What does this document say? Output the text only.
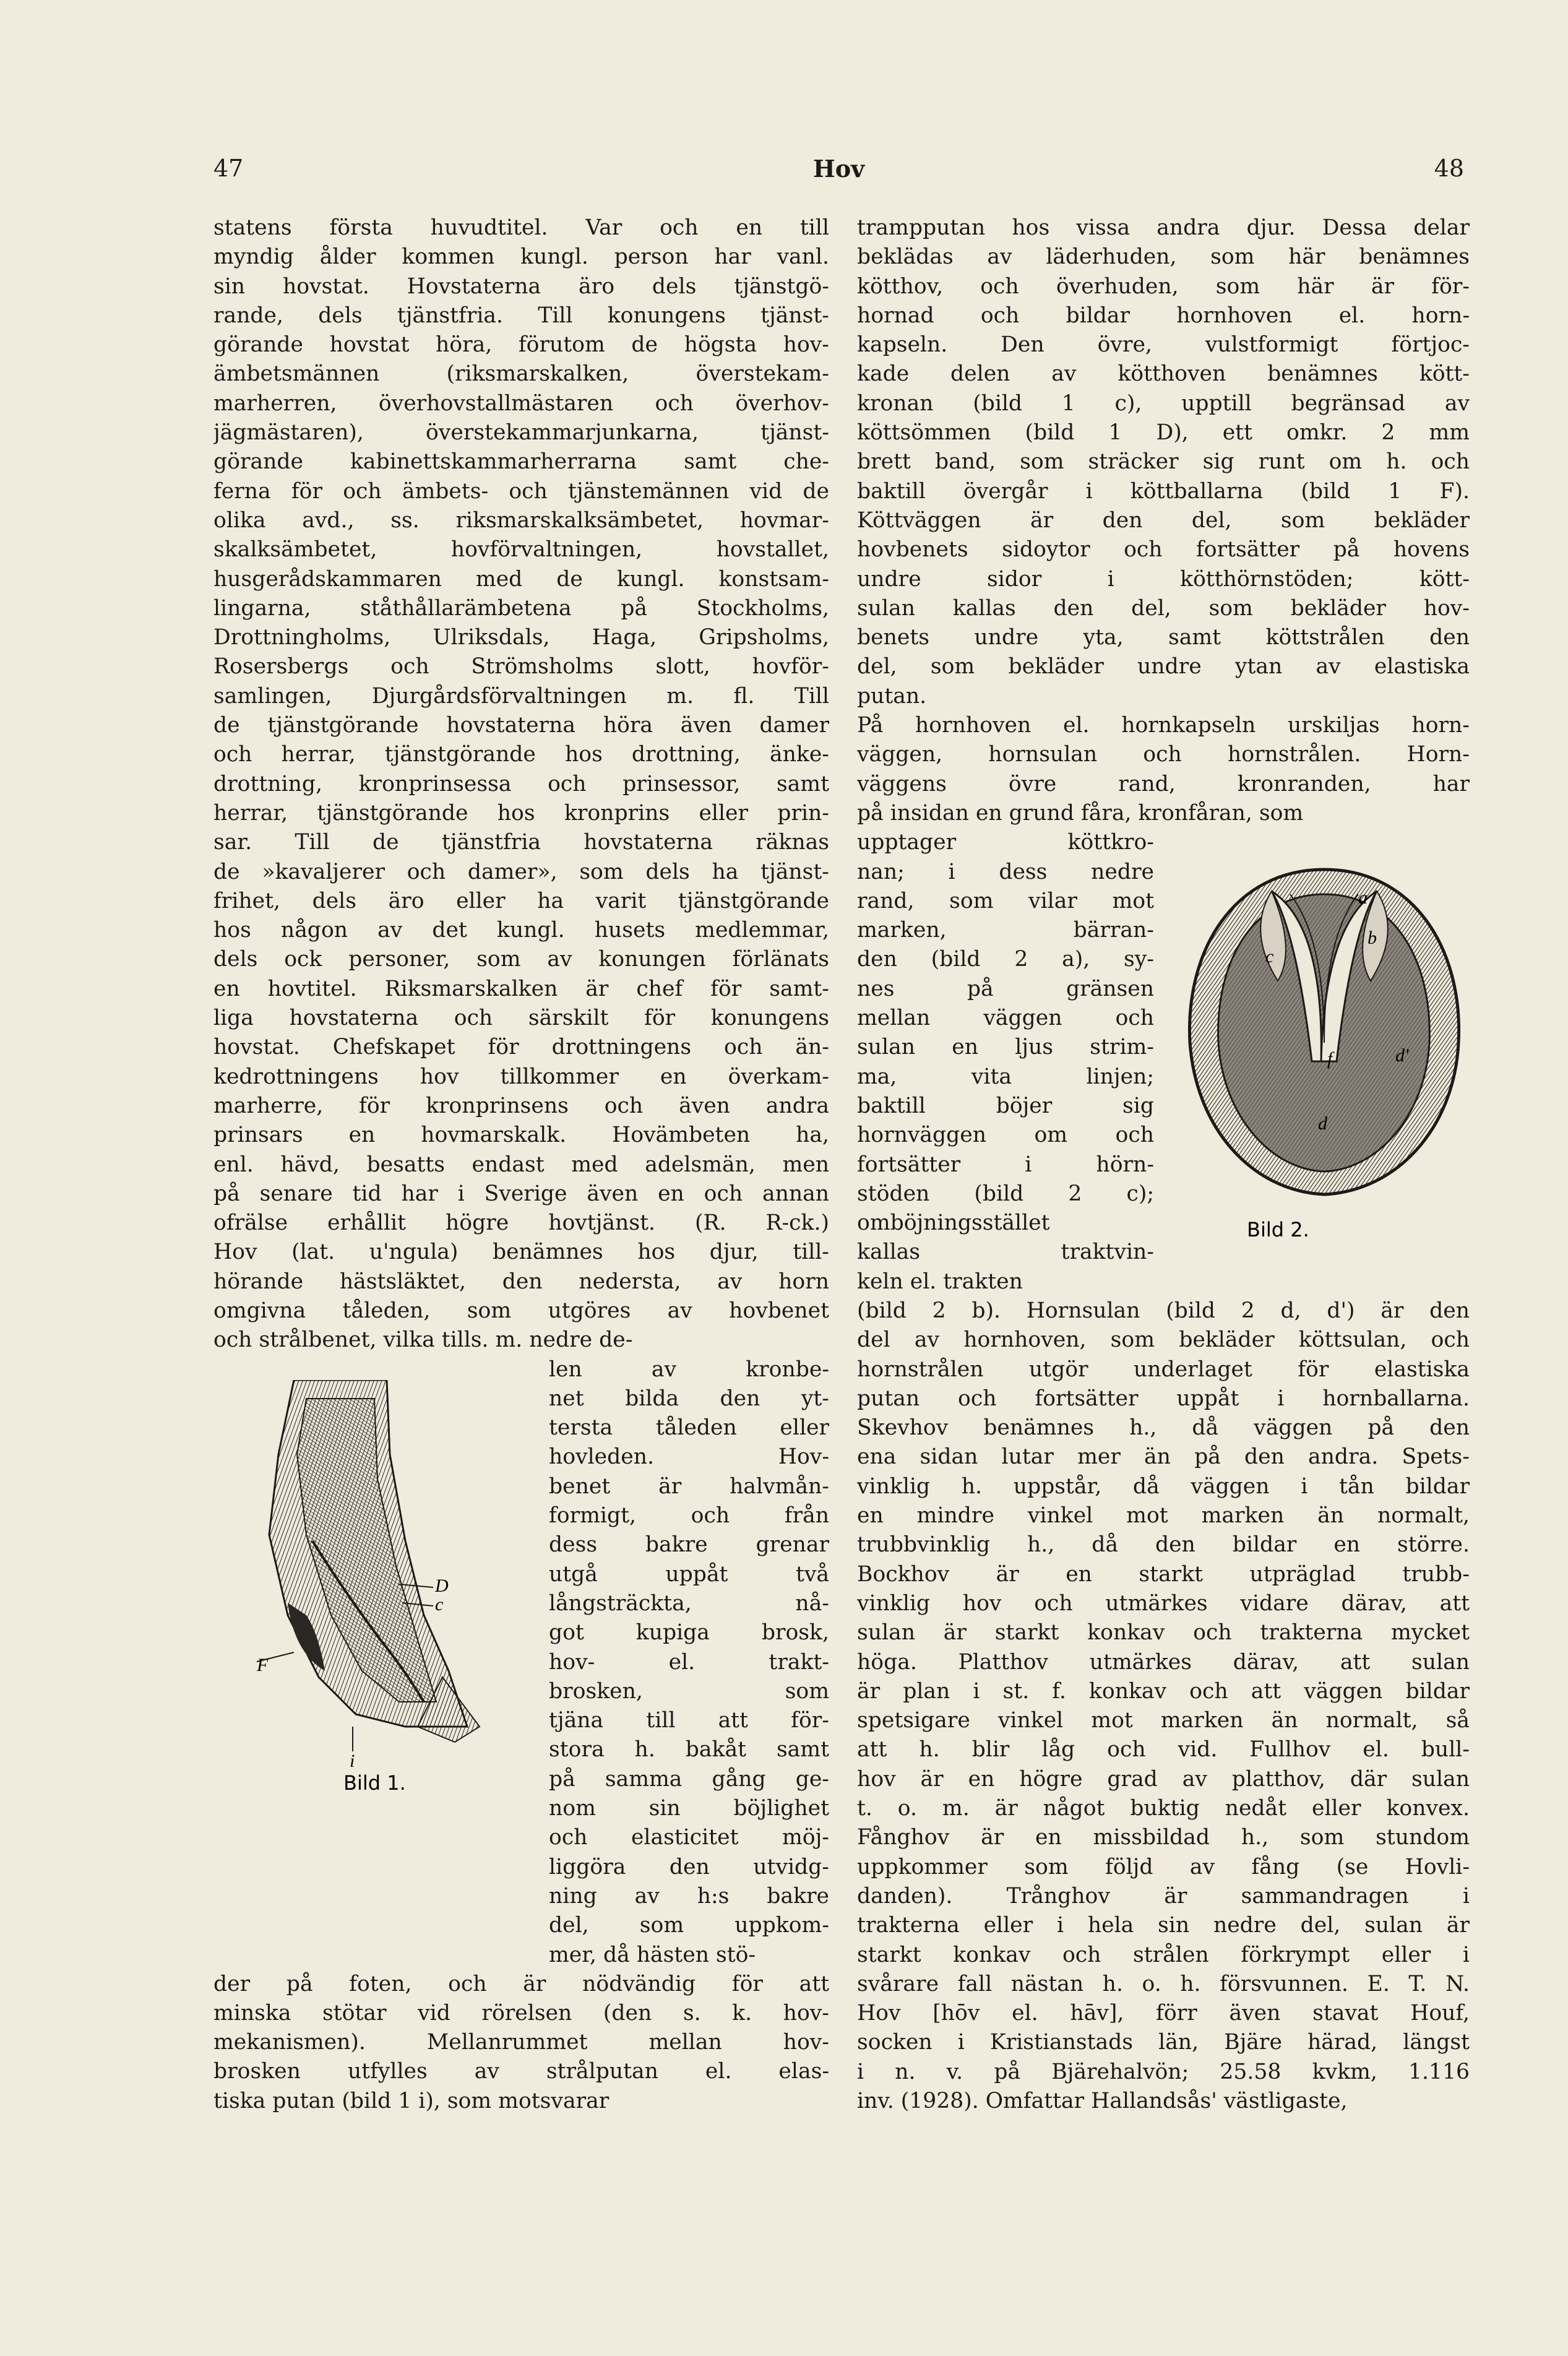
47	Hov	48
statens första huvudtitel. Var och en till
myndig ålder kommen kungl. person har vanl.
sin hovstat. Hovstaterna äro dels tjänstgö-
rande, dels tjänstfria. Till konungens tjänst-
görande hovstat höra, förutom de högsta hov-
ämbetsmännen (riksmarskalken, överstekam-
marherren, överhovstallmästaren och överhov-
jägmästaren), överstekammarjunkarna, tjänst-
görande kabinettskammarherrarna samt che-
ferna för och ämbets- och tjänstemännen vid de
olika avd., ss. riksmarskalksämbetet, hovmar-
skalksämbetet, hovförvaltningen, hovstallet,
husgerådskammaren med de kungl. konstsam-
lingarna, ståthållarämbetena på Stockholms,
Drottningholms, Ulriksdals, Haga, Gripsholms,
Rosersbergs och Strömsholms slott, hovför-
samlingen, Djurgårdsförvaltningen m. fl. Till
de tjänstgörande hovstaterna höra även damer
och herrar, tjänstgörande hos drottning, änke-
drottning, kronprinsessa och prinsessor, samt
herrar, tjänstgörande hos kronprins eller prin-
sar. Till de tjänstfria hovstaterna räknas
de »kavaljerer och damer», som dels ha tjänst-
frihet, dels äro eller ha varit tjänstgörande
hos någon av det kungl. husets medlemmar,
dels ock personer, som av konungen förlänats
en hovtitel. Riksmarskalken är chef för samt-
liga hovstaterna och särskilt för konungens
hovstat. Chefskapet för drottningens och än-
kedrottningens hov tillkommer en överkam-
marherre, för kronprinsens och även andra
prinsars en hovmarskalk. Hovämbeten ha,
enl. hävd, besatts endast med adelsmän, men
på senare tid har i Sverige även en och annan
ofrälse erhållit högre hovtjänst. (R. R-ck.)
Hov (lat. u'ngula) benämnes hos djur, till-
hörande hästsläktet, den nedersta, av horn
omgivna tåleden, som utgöres av hovbenet
och strålbenet, vilka tills. m. nedre de-
len av kronbe-
net bilda den yt-
tersta tåleden eller
hovleden. Hov-
benet är halvmån-
formigt, och från
dess bakre grenar
utgå uppåt två
långsträckta, nå-
got kupiga brosk,
hov- el. trakt-
brosken, som
tjäna till att för-
stora h. bakåt samt
på samma gång ge-
nom sin böjlighet
och elasticitet möj-
liggöra den utvidg-
ning av h:s bakre
del, som uppkom-
mer, då hästen stö-
der på foten, och är nödvändig för att
minska stötar vid rörelsen (den s. k. hov-
mekanismen). Mellanrummet mellan hov-
brosken utfylles av strålputan el. elas-
tiska putan (bild 1 i), som motsvarar
D
c
F
i
Bild 1.
trampputan hos vissa andra djur. Dessa delar
beklädas av läderhuden, som här benämnes
kötthov, och överhuden, som här är för-
hornad och bildar hornhoven el. horn-
kapseln. Den övre, vulstformigt förtjoc-
kade delen av kötthoven benämnes kött-
kronan (bild 1 c), upptill begränsad av
köttsömmen (bild 1 D), ett omkr. 2 mm
brett band, som sträcker sig runt om h. och
baktill övergår i köttballarna (bild 1 F).
Köttväggen är den del, som bekläder
hovbenets sidoytor och fortsätter på hovens
undre sidor i kötthörnstöden; kött-
sulan kallas den del, som bekläder hov-
benets undre yta, samt köttstrålen den
del, som bekläder undre ytan av elastiska
putan.
På hornhoven el. hornkapseln urskiljas horn-
väggen, hornsulan och hornstrålen. Horn-
väggens övre rand, kronranden, har
på insidan en grund fåra, kronfåran, som
upptager köttkro-
nan; i dess nedre
rand, som vilar mot
marken, bärran-
den (bild 2 a), sy-
nes på gränsen
mellan väggen och
sulan en ljus strim-
ma, vita linjen;
baktill böjer sig
hornväggen om och
fortsätter i hörn-
stöden (bild 2 c);
omböjningsstället
kallas traktvin-
keln el. trakten
(bild 2 b). Hornsulan (bild 2 d, d') är den
del av hornhoven, som bekläder köttsulan, och
hornstrålen utgör underlaget för elastiska
putan och fortsätter uppåt i hornballarna.
Skevhov benämnes h., då väggen på den
ena sidan lutar mer än på den andra. Spets-
vinklig h. uppstår, då väggen i tån bildar
en mindre vinkel mot marken än normalt,
trubbvinklig h., då den bildar en större.
Bockhov är en starkt utpräglad trubb-
vinklig hov och utmärkes vidare därav, att
sulan är starkt konkav och trakterna mycket
höga. Platthov utmärkes därav, att sulan
är plan i st. f. konkav och att väggen bildar
spetsigare vinkel mot marken än normalt, så
att h. blir låg och vid. Fullhov el. bull-
hov är en högre grad av platthov, där sulan
t. o. m. är något buktig nedåt eller konvex.
Fånghov är en missbildad h., som stundom
uppkommer som följd av fång (se Hovli-
danden). Trånghov är sammandragen i
trakterna eller i hela sin nedre del, sulan är
starkt konkav och strålen förkrympt eller i
svårare fall nästan h. o. h. försvunnen. E. T. N.
Hov [hōv el. hāv], förr även stavat Houf,
socken i Kristianstads län, Bjäre härad, längst
i n. v. på Bjärehalvön; 25.58 kvkm, 1.116
inv. (1928). Omfattar Hallandsås' västligaste,
a
b
c
d
d'
f
Bild 2.
